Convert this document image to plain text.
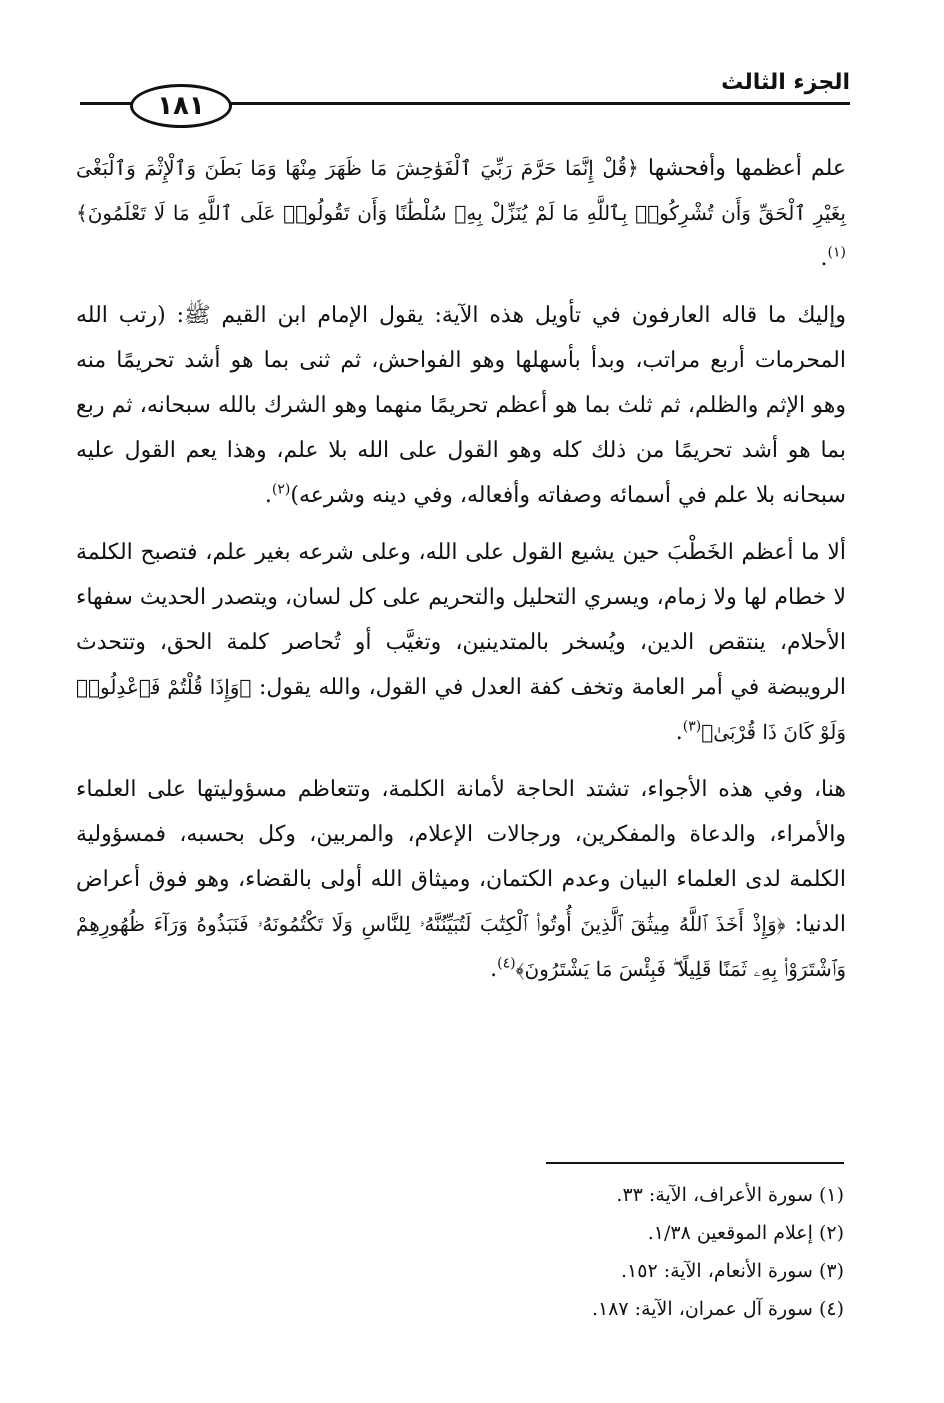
١٨١
الجزء الثالث

علم أعظمها وأفحشها ﴿قُلْ إِنَّمَا حَرَّمَ رَبِّيَ ٱلْفَوَٰحِشَ مَا ظَهَرَ مِنْهَا وَمَا بَطَنَ وَٱلْإِثْمَ وَٱلْبَغْىَ بِغَيْرِ ٱلْحَقِّ وَأَن تُشْرِكُوا۟ بِٱللَّهِ مَا لَمْ يُنَزِّلْ بِهِۦ سُلْطَٰنًا وَأَن تَقُولُوا۟ عَلَى ٱللَّهِ مَا لَا تَعْلَمُونَ﴾$^{(١)}$.

وإليك ما قاله العارفون في تأويل هذه الآية: يقول الإمام ابن القيم ﷺ: (رتب الله المحرمات أربع مراتب، وبدأ بأسهلها وهو الفواحش، ثم ثنى بما هو أشد تحريمًا منه وهو الإثم والظلم، ثم ثلث بما هو أعظم تحريمًا منهما وهو الشرك بالله سبحانه، ثم ربع بما هو أشد تحريمًا من ذلك كله وهو القول على الله بلا علم، وهذا يعم القول عليه سبحانه بلا علم في أسمائه وصفاته وأفعاله، وفي دينه وشرعه)$^{(٢)}$.

ألا ما أعظم الخَطْبَ حين يشيع القول على الله، وعلى شرعه بغير علم، فتصبح الكلمة لا خطام لها ولا زمام، ويسري التحليل والتحريم على كل لسان، ويتصدر الحديث سفهاء الأحلام، ينتقص الدين، ويُسخر بالمتدينين، وتغيَّب أو تُحاصر كلمة الحق، وتتحدث الرويبضة في أمر العامة وتخف كفة العدل في القول، والله يقول: ﴿وَإِذَا قُلْتُمْ فَٱعْدِلُوا۟ وَلَوْ كَانَ ذَا قُرْبَىٰ﴾$^{(٣)}$.

هنا، وفي هذه الأجواء، تشتد الحاجة لأمانة الكلمة، وتتعاظم مسؤوليتها على العلماء والأمراء، والدعاة والمفكرين، ورجالات الإعلام، والمربين، وكل بحسبه، فمسؤولية الكلمة لدى العلماء البيان وعدم الكتمان، وميثاق الله أولى بالقضاء، وهو فوق أعراض الدنيا: ﴿وَإِذْ أَخَذَ ٱللَّهُ مِيثَٰقَ ٱلَّذِينَ أُوتُوا۟ ٱلْكِتَٰبَ لَتُبَيِّنُنَّهُۥ لِلنَّاسِ وَلَا تَكْتُمُونَهُۥ فَنَبَذُوهُ وَرَآءَ ظُهُورِهِمْ وَٱشْتَرَوْا۟ بِهِۦ ثَمَنًا قَلِيلًا ۖ فَبِئْسَ مَا يَشْتَرُونَ﴾$^{(٤)}$.

(١) سورة الأعراف، الآية: ٣٣.
(٢) إعلام الموقعين ١/٣٨.
(٣) سورة الأنعام، الآية: ١٥٢.
(٤) سورة آل عمران، الآية: ١٨٧.
